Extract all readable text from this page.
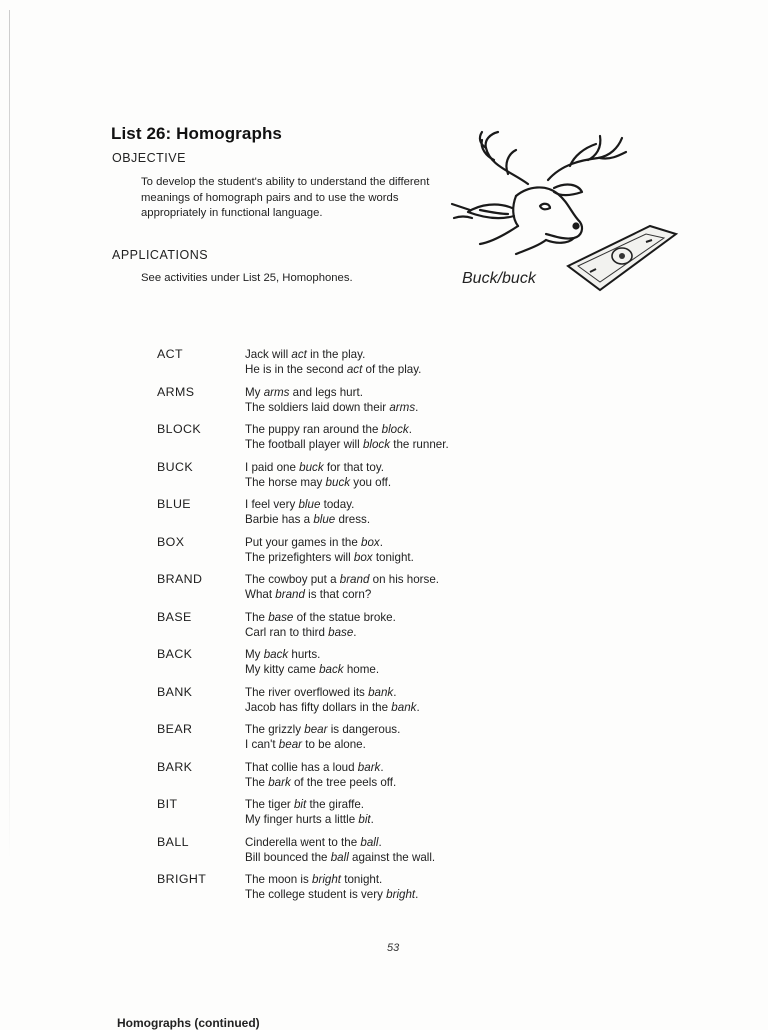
List 26: Homographs
OBJECTIVE
To develop the student's ability to understand the different meanings of homograph pairs and to use the words appropriately in functional language.
APPLICATIONS
See activities under List 25, Homophones.	Buck/buck
ACT	Jack will act in the play.
He is in the second act of the play.
ARMS	My arms and legs hurt.
The soldiers laid down their arms.
BLOCK	The puppy ran around the block.
The football player will block the runner.
BUCK	I paid one buck for that toy.
The horse may buck you off.
BLUE	I feel very blue today.
Barbie has a blue dress.
BOX	Put your games in the box.
The prizefighters will box tonight.
BRAND	The cowboy put a brand on his horse.
What brand is that corn?
BASE	The base of the statue broke.
Carl ran to third base.
BACK	My back hurts.
My kitty came back home.
BANK	The river overflowed its bank.
Jacob has fifty dollars in the bank.
BEAR	The grizzly bear is dangerous.
I can't bear to be alone.
BARK	That collie has a loud bark.
The bark of the tree peels off.
BIT	The tiger bit the giraffe.
My finger hurts a little bit.
BALL	Cinderella went to the ball.
Bill bounced the ball against the wall.
BRIGHT	The moon is bright tonight.
The college student is very bright.
53
Homographs (continued)
